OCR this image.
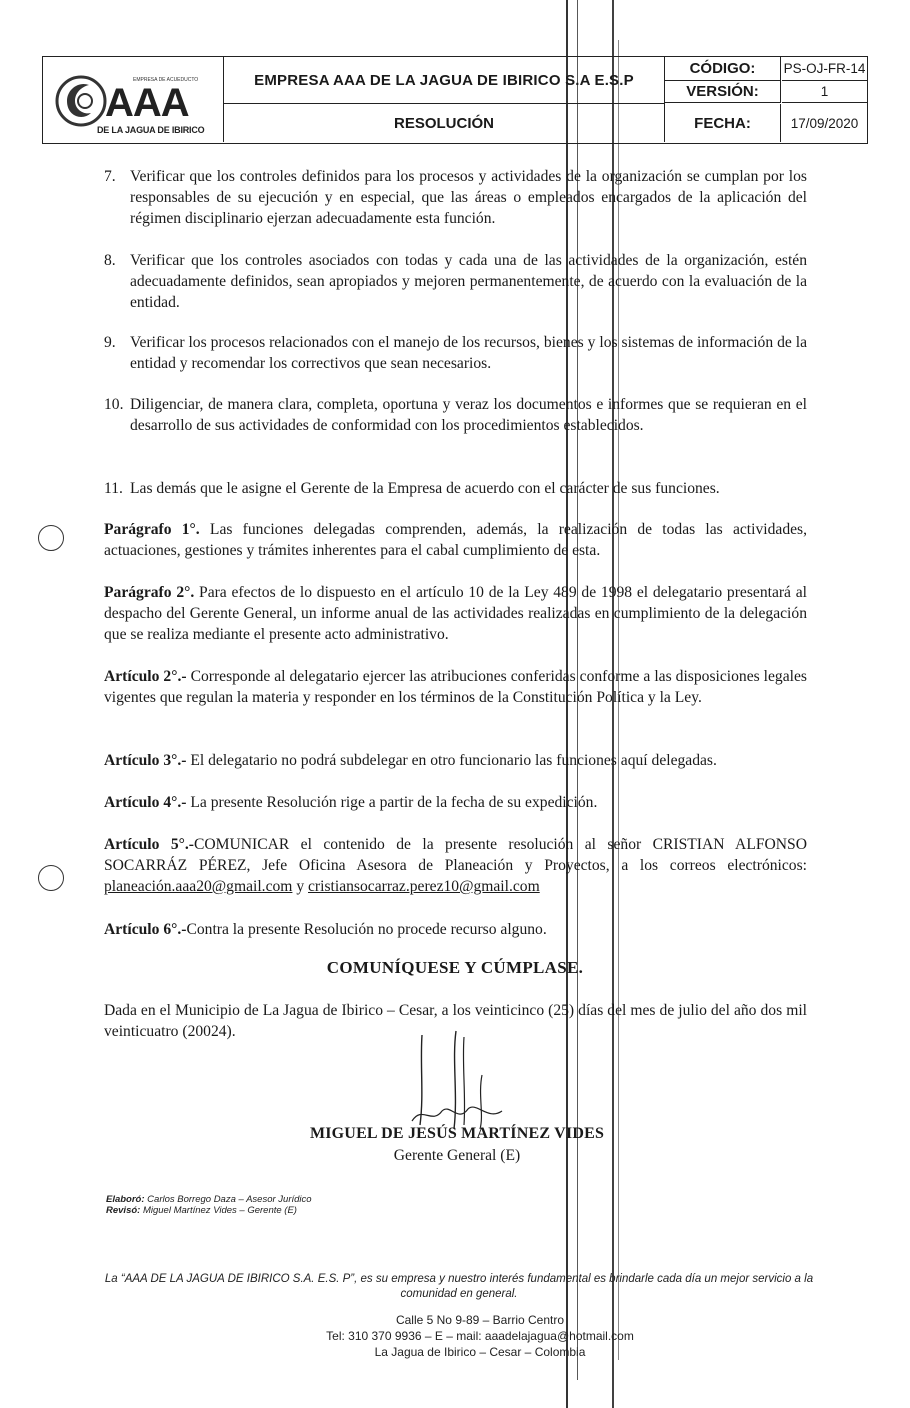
EMPRESA DE ACUEDUCTO
AAA
DE LA JAGUA DE IBIRICO
EMPRESA AAA DE LA JAGUA DE IBIRICO S.A E.S.P
RESOLUCIÓN
CÓDIGO:	PS-OJ-FR-14
VERSIÓN:	1
FECHA:	17/09/2020
7. Verificar que los controles definidos para los procesos y actividades de la organización se cumplan por los responsables de su ejecución y en especial, que las áreas o empleados encargados de la aplicación del régimen disciplinario ejerzan adecuadamente esta función.
8. Verificar que los controles asociados con todas y cada una de las actividades de la organización, estén adecuadamente definidos, sean apropiados y mejoren permanentemente, de acuerdo con la evaluación de la entidad.
9. Verificar los procesos relacionados con el manejo de los recursos, bienes y los sistemas de información de la entidad y recomendar los correctivos que sean necesarios.
10. Diligenciar, de manera clara, completa, oportuna y veraz los documentos e informes que se requieran en el desarrollo de sus actividades de conformidad con los procedimientos establecidos.
11. Las demás que le asigne el Gerente de la Empresa de acuerdo con el carácter de sus funciones.
Parágrafo 1°. Las funciones delegadas comprenden, además, la realización de todas las actividades, actuaciones, gestiones y trámites inherentes para el cabal cumplimiento de esta.
Parágrafo 2°. Para efectos de lo dispuesto en el artículo 10 de la Ley 489 de 1998 el delegatario presentará al despacho del Gerente General, un informe anual de las actividades realizadas en cumplimiento de la delegación que se realiza mediante el presente acto administrativo.
Artículo 2°.- Corresponde al delegatario ejercer las atribuciones conferidas conforme a las disposiciones legales vigentes que regulan la materia y responder en los términos de la Constitución Política y la Ley.
Artículo 3°.- El delegatario no podrá subdelegar en otro funcionario las funciones aquí delegadas.
Artículo 4°.- La presente Resolución rige a partir de la fecha de su expedición.
Artículo 5°.-COMUNICAR el contenido de la presente resolución al señor CRISTIAN ALFONSO SOCARRÁZ PÉREZ, Jefe Oficina Asesora de Planeación y Proyectos, a los correos electrónicos: planeación.aaa20@gmail.com y cristiansocarraz.perez10@gmail.com
Artículo 6°.-Contra la presente Resolución no procede recurso alguno.
COMUNÍQUESE Y CÚMPLASE.
Dada en el Municipio de La Jagua de Ibirico – Cesar, a los veinticinco (25) días del mes de julio del año dos mil veinticuatro (20024).
MIGUEL DE JESÚS MARTÍNEZ VIDES
Gerente General (E)
Elaboró: Carlos Borrego Daza – Asesor Jurídico
Revisó: Miguel Martínez Vides – Gerente (E)
La “AAA DE LA JAGUA DE IBIRICO S.A. E.S. P”, es su empresa y nuestro interés fundamental es brindarle cada día un mejor servicio a la comunidad en general.
Calle 5 No 9-89 – Barrio Centro
Tel: 310 370 9936 – E – mail: aaadelajagua@hotmail.com
La Jagua de Ibirico – Cesar – Colombia
